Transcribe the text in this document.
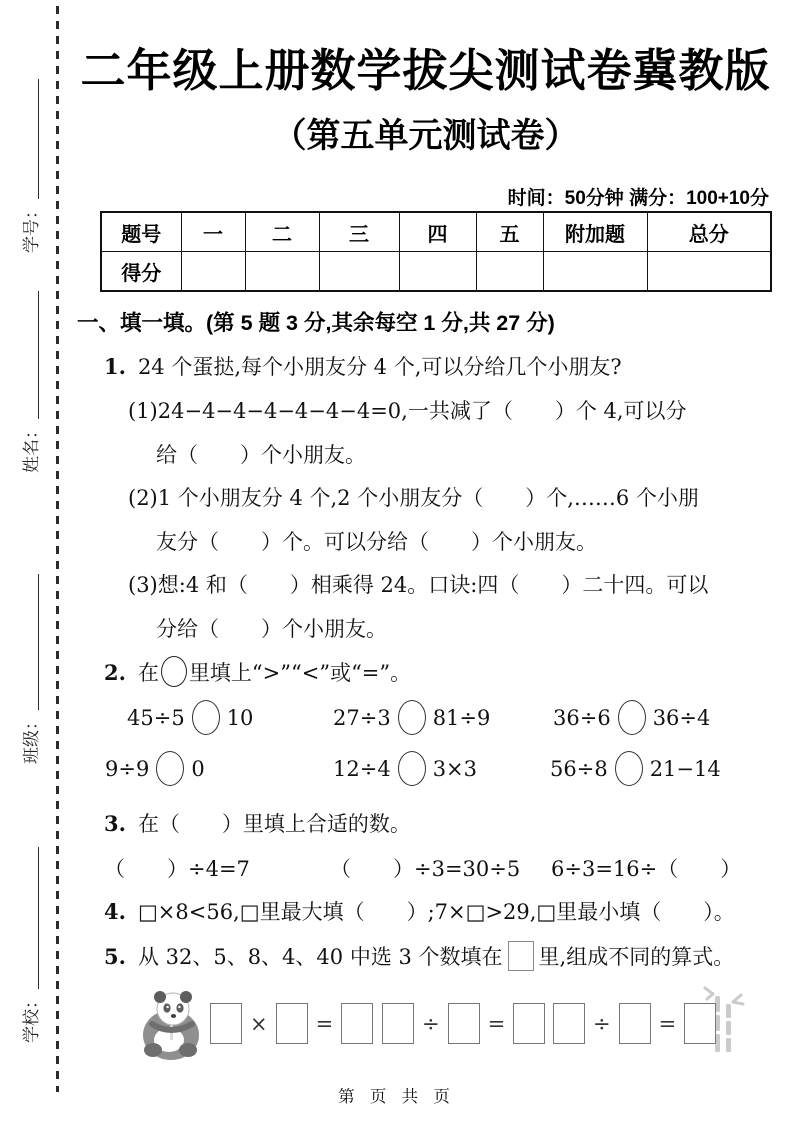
学号：
姓名：
班级：
学校：
二年级上册数学拔尖测试卷冀教版
（第五单元测试卷）
时间：50分钟 满分：100+10分
题号	一	二	三	四	五	附加题	总分
得分							
一、填一填。(第 5 题 3 分,其余每空 1 分,共 27 分)
1. 24 个蛋挞,每个小朋友分 4 个,可以分给几个小朋友?
(1)24−4−4−4−4−4−4=0,一共减了（　　）个 4,可以分
给（　　）个小朋友。
(2)1 个小朋友分 4 个,2 个小朋友分（　　）个,……6 个小朋
友分（　　）个。可以分给（　　）个小朋友。
(3)想:4 和（　　）相乘得 24。口诀:四（　　）二十四。可以
分给（　　）个小朋友。
2. 在 里填上“>”“<”或“=”。
45÷5 10	27÷3 81÷9	36÷6 36÷4
9÷9 0	12÷4 3×3	56÷8 21−14
3. 在（　　）里填上合适的数。
（　　）÷4=7	（　　）÷3=30÷5 6÷3=16÷（　　）
4. □×8<56,□里最大填（　　）;7×□>29,□里最小填（　　）。
5. 从 32、5、8、4、40 中选 3 个数填在 里,组成不同的算式。
× =	÷ =	÷ =
第 页 共 页
